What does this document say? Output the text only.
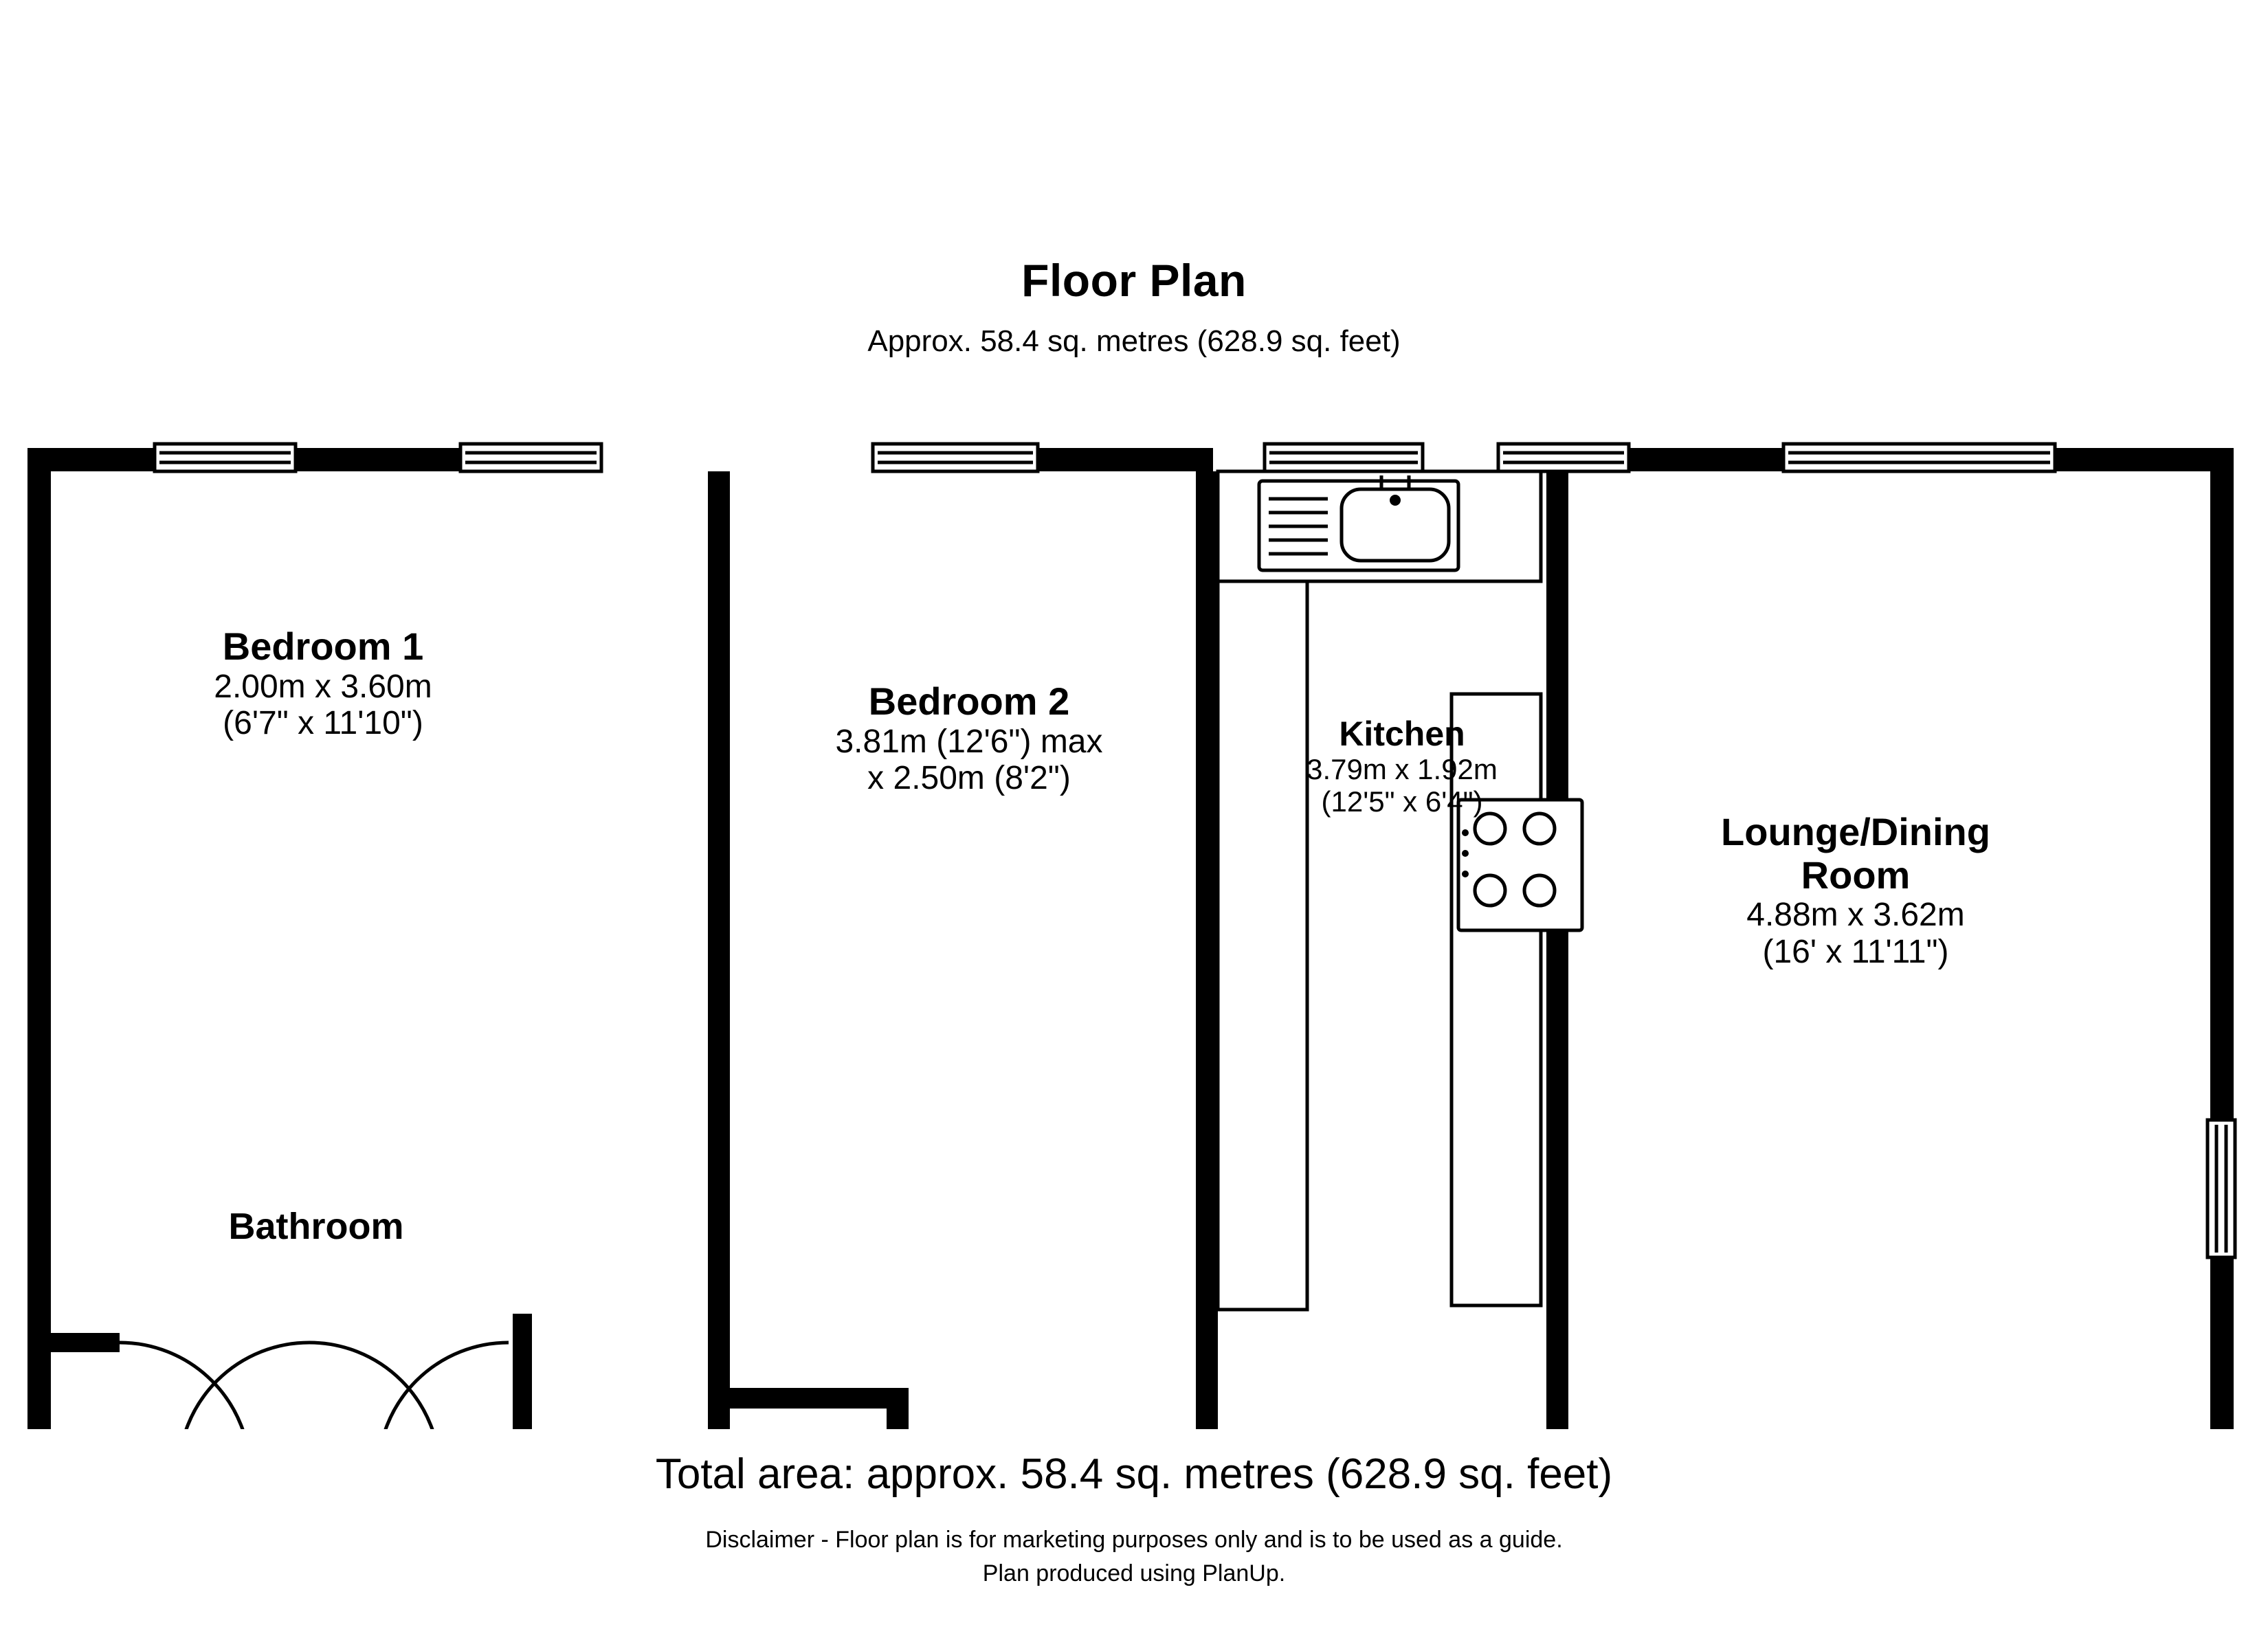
Floor Plan
Approx. 58.4 sq. metres (628.9 sq. feet)
Bedroom 1
2.00m x 3.60m
(6'7" x 11'10")
Bedroom 2
3.81m (12'6") max
x 2.50m (8'2")
Kitchen
3.79m x 1.92m
(12'5" x 6'4")
Lounge/Dining
Room
4.88m x 3.62m
(16' x 11'11")
Bathroom
Total area: approx. 58.4 sq. metres (628.9 sq. feet)
Disclaimer - Floor plan is for marketing purposes only and is to be used as a guide.
Plan produced using PlanUp.
